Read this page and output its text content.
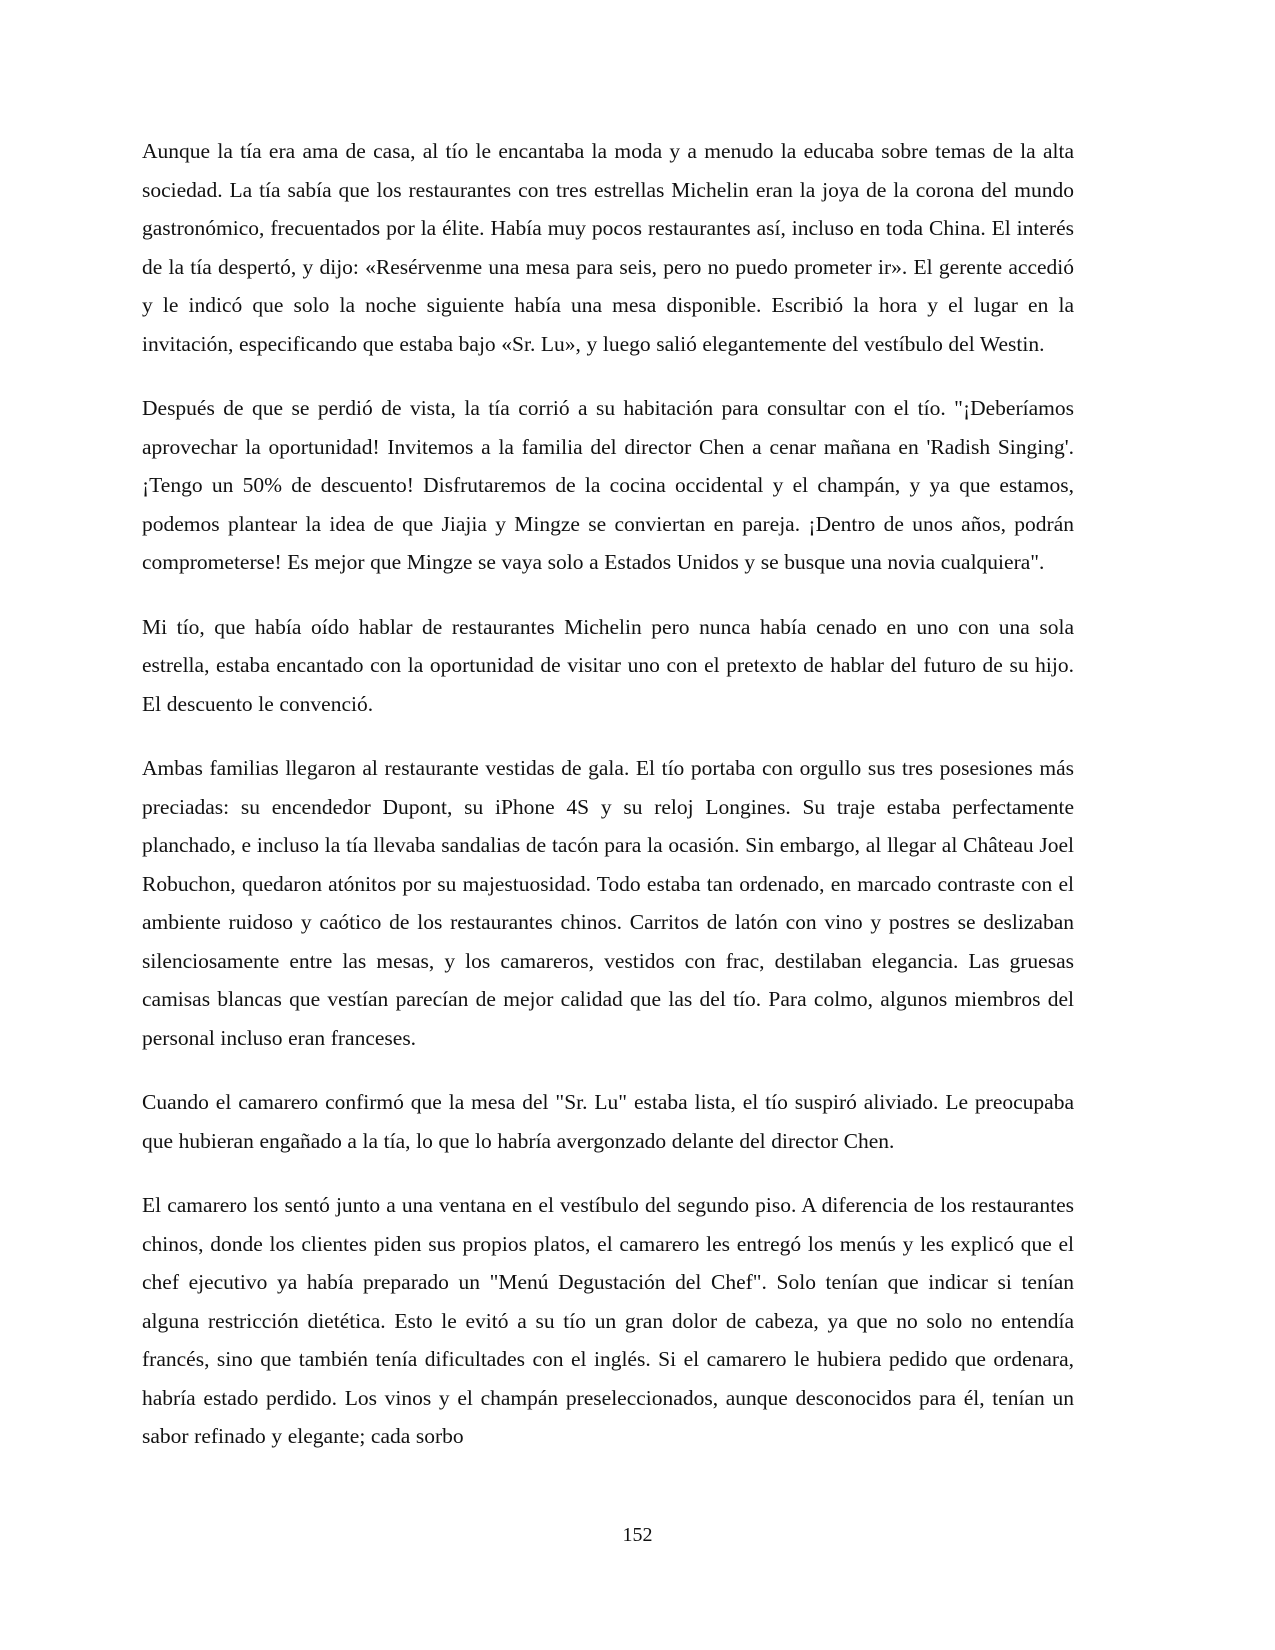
Aunque la tía era ama de casa, al tío le encantaba la moda y a menudo la educaba sobre temas de la alta sociedad. La tía sabía que los restaurantes con tres estrellas Michelin eran la joya de la corona del mundo gastronómico, frecuentados por la élite. Había muy pocos restaurantes así, incluso en toda China. El interés de la tía despertó, y dijo: «Resérvenme una mesa para seis, pero no puedo prometer ir». El gerente accedió y le indicó que solo la noche siguiente había una mesa disponible. Escribió la hora y el lugar en la invitación, especificando que estaba bajo «Sr. Lu», y luego salió elegantemente del vestíbulo del Westin.

Después de que se perdió de vista, la tía corrió a su habitación para consultar con el tío. "¡Deberíamos aprovechar la oportunidad! Invitemos a la familia del director Chen a cenar mañana en 'Radish Singing'. ¡Tengo un 50% de descuento! Disfrutaremos de la cocina occidental y el champán, y ya que estamos, podemos plantear la idea de que Jiajia y Mingze se conviertan en pareja. ¡Dentro de unos años, podrán comprometerse! Es mejor que Mingze se vaya solo a Estados Unidos y se busque una novia cualquiera".

Mi tío, que había oído hablar de restaurantes Michelin pero nunca había cenado en uno con una sola estrella, estaba encantado con la oportunidad de visitar uno con el pretexto de hablar del futuro de su hijo. El descuento le convenció.

Ambas familias llegaron al restaurante vestidas de gala. El tío portaba con orgullo sus tres posesiones más preciadas: su encendedor Dupont, su iPhone 4S y su reloj Longines. Su traje estaba perfectamente planchado, e incluso la tía llevaba sandalias de tacón para la ocasión. Sin embargo, al llegar al Château Joel Robuchon, quedaron atónitos por su majestuosidad. Todo estaba tan ordenado, en marcado contraste con el ambiente ruidoso y caótico de los restaurantes chinos. Carritos de latón con vino y postres se deslizaban silenciosamente entre las mesas, y los camareros, vestidos con frac, destilaban elegancia. Las gruesas camisas blancas que vestían parecían de mejor calidad que las del tío. Para colmo, algunos miembros del personal incluso eran franceses.

Cuando el camarero confirmó que la mesa del "Sr. Lu" estaba lista, el tío suspiró aliviado. Le preocupaba que hubieran engañado a la tía, lo que lo habría avergonzado delante del director Chen.

El camarero los sentó junto a una ventana en el vestíbulo del segundo piso. A diferencia de los restaurantes chinos, donde los clientes piden sus propios platos, el camarero les entregó los menús y les explicó que el chef ejecutivo ya había preparado un "Menú Degustación del Chef". Solo tenían que indicar si tenían alguna restricción dietética. Esto le evitó a su tío un gran dolor de cabeza, ya que no solo no entendía francés, sino que también tenía dificultades con el inglés. Si el camarero le hubiera pedido que ordenara, habría estado perdido. Los vinos y el champán preseleccionados, aunque desconocidos para él, tenían un sabor refinado y elegante; cada sorbo

152
